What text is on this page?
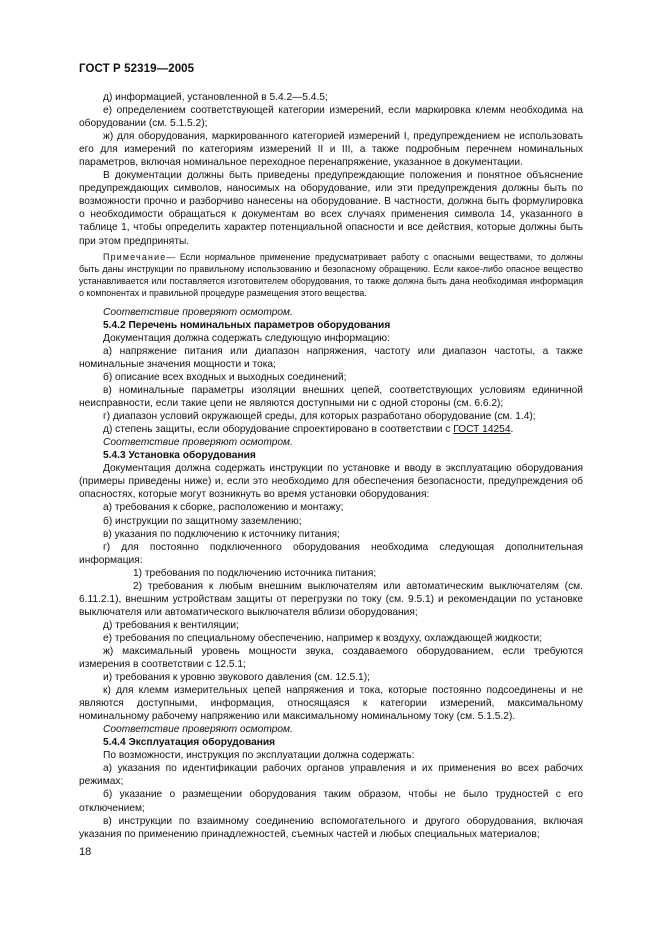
ГОСТ Р 52319—2005

д) информацией, установленной в 5.4.2—5.4.5;

е) определением соответствующей категории измерений, если маркировка клемм необходима на оборудовании (см. 5.1.5.2);

ж) для оборудования, маркированного категорией измерений I, предупреждением не использовать его для измерений по категориям измерений II и III, а также подробным перечнем номинальных параметров, включая номинальное переходное перенапряжение, указанное в документации.

В документации должны быть приведены предупреждающие положения и понятное объяснение предупреждающих символов, наносимых на оборудование, или эти предупреждения должны быть по возможности прочно и разборчиво нанесены на оборудование. В частности, должна быть формулировка о необходимости обращаться к документам во всех случаях применения символа 14, указанного в таблице 1, чтобы определить характер потенциальной опасности и все действия, которые должны быть при этом предприняты.

Примечание— Если нормальное применение предусматривает работу с опасными веществами, то должны быть даны инструкции по правильному использованию и безопасному обращению. Если какое-либо опасное вещество устанавливается или поставляется изготовителем оборудования, то также должна быть дана необходимая информация о компонентах и правильной процедуре размещения этого вещества.

Соответствие проверяют осмотром.

5.4.2 Перечень номинальных параметров оборудования

Документация должна содержать следующую информацию:

а) напряжение питания или диапазон напряжения, частоту или диапазон частоты, а также номинальные значения мощности и тока;

б) описание всех входных и выходных соединений;

в) номинальные параметры изоляции внешних цепей, соответствующих условиям единичной неисправности, если такие цепи не являются доступными ни с одной стороны (см. 6.6.2);

г) диапазон условий окружающей среды, для которых разработано оборудование (см. 1.4);

д) степень защиты, если оборудование спроектировано в соответствии с ГОСТ 14254.

Соответствие проверяют осмотром.

5.4.3 Установка оборудования

Документация должна содержать инструкции по установке и вводу в эксплуатацию оборудования (примеры приведены ниже) и, если это необходимо для обеспечения безопасности, предупреждения об опасностях, которые могут возникнуть во время установки оборудования:

а) требования к сборке, расположению и монтажу;

б) инструкции по защитному заземлению;

в) указания по подключению к источнику питания;

г) для постоянно подключенного оборудования необходима следующая дополнительная информация:

1) требования по подключению источника питания;

2) требования к любым внешним выключателям или автоматическим выключателям (см. 6.11.2.1), внешним устройствам защиты от перегрузки по току (см. 9.5.1) и рекомендации по установке выключателя или автоматического выключателя вблизи оборудования;

д) требования к вентиляции;

е) требования по специальному обеспечению, например к воздуху, охлаждающей жидкости;

ж) максимальный уровень мощности звука, создаваемого оборудованием, если требуются измерения в соответствии с 12.5.1;

и) требования к уровню звукового давления (см. 12.5.1);

к) для клемм измерительных цепей напряжения и тока, которые постоянно подсоединены и не являются доступными, информация, относящаяся к категории измерений, максимальному номинальному рабочему напряжению или максимальному номинальному току (см. 5.1.5.2).

Соответствие проверяют осмотром.

5.4.4 Эксплуатация оборудования

По возможности, инструкция по эксплуатации должна содержать:

а) указания по идентификации рабочих органов управления и их применения во всех рабочих режимах;

б) указание о размещении оборудования таким образом, чтобы не было трудностей с его отключением;

в) инструкции по взаимному соединению вспомогательного и другого оборудования, включая указания по применению принадлежностей, съемных частей и любых специальных материалов;

18
